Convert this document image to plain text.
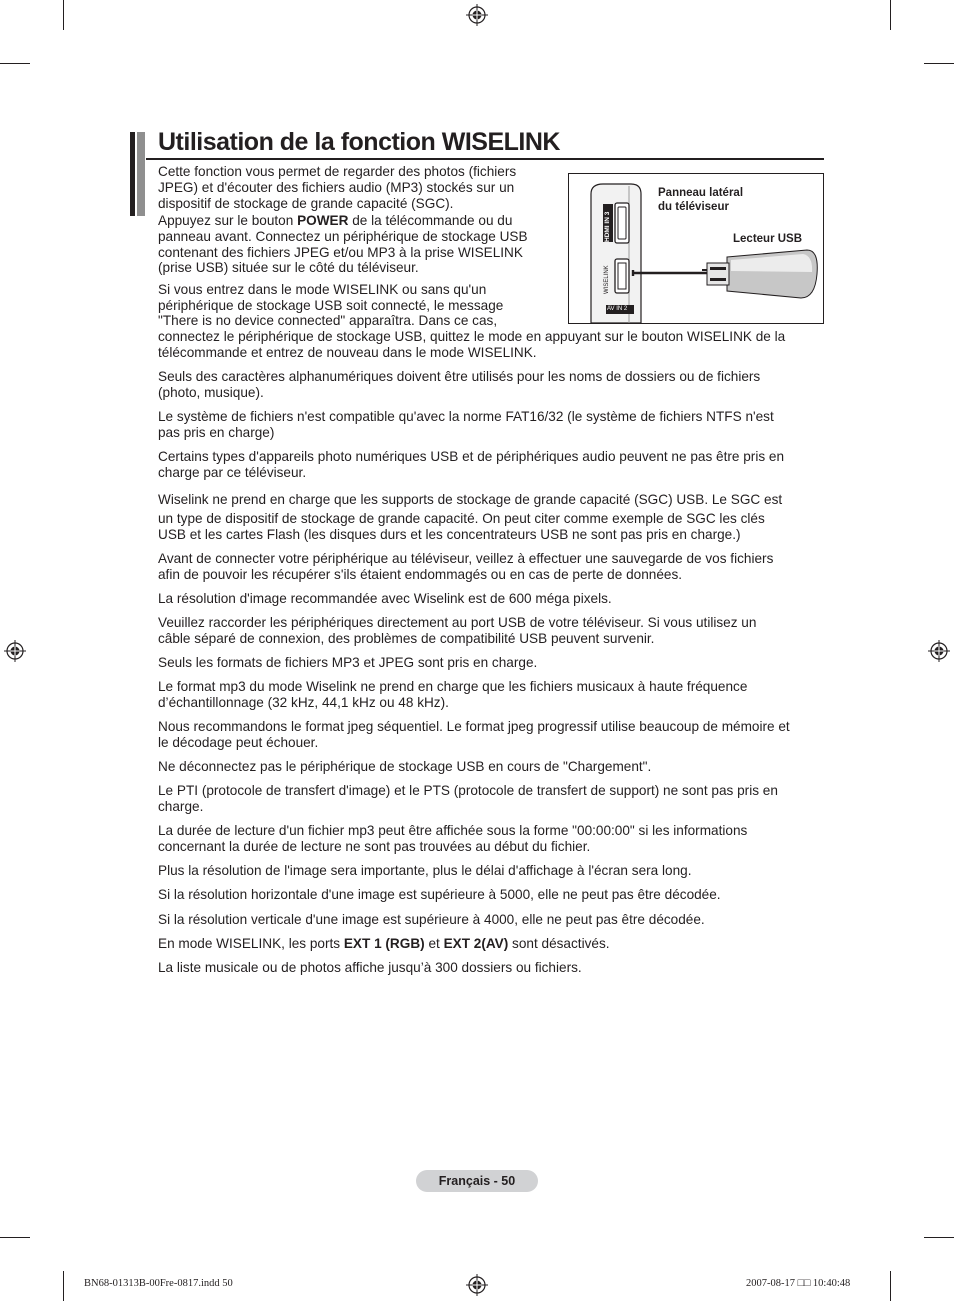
Utilisation de la fonction WISELINK
Cette fonction vous permet de regarder des photos (fichiers
JPEG) et d'écouter des fichiers audio (MP3) stockés sur un
dispositif de stockage de grande capacité (SGC).
Appuyez sur le bouton POWER de la télécommande ou du
panneau avant. Connectez un périphérique de stockage USB
contenant des fichiers JPEG et/ou MP3 à la prise WISELINK
(prise USB) située sur le côté du téléviseur.
HDMI IN 3
WISELINK
AV IN 2
Panneau latéral
du téléviseur
Lecteur USB
Si vous entrez dans le mode WISELINK ou sans qu'un
périphérique de stockage USB soit connecté, le message
"There is no device connected" apparaîtra. Dans ce cas,
connectez le périphérique de stockage USB, quittez le mode en appuyant sur le bouton WISELINK de la
télécommande et entrez de nouveau dans le mode WISELINK.
Seuls des caractères alphanumériques doivent être utilisés pour les noms de dossiers ou de fichiers
(photo, musique).
Le système de fichiers n'est compatible qu'avec la norme FAT16/32 (le système de fichiers NTFS n'est
pas pris en charge)
Certains types d'appareils photo numériques USB et de périphériques audio peuvent ne pas être pris en
charge par ce téléviseur.
Wiselink ne prend en charge que les supports de stockage de grande capacité (SGC) USB. Le SGC est
un type de dispositif de stockage de grande capacité. On peut citer comme exemple de SGC les clés
USB et les cartes Flash (les disques durs et les concentrateurs USB ne sont pas pris en charge.)
Avant de connecter votre périphérique au téléviseur, veillez à effectuer une sauvegarde de vos fichiers
afin de pouvoir les récupérer s'ils étaient endommagés ou en cas de perte de données.
La résolution d'image recommandée avec Wiselink est de 600 méga pixels.
Veuillez raccorder les périphériques directement au port USB de votre téléviseur. Si vous utilisez un
câble séparé de connexion, des problèmes de compatibilité USB peuvent survenir.
Seuls les formats de fichiers MP3 et JPEG sont pris en charge.
Le format mp3 du mode Wiselink ne prend en charge que les fichiers musicaux à haute fréquence
d’échantillonnage (32 kHz, 44,1 kHz ou 48 kHz).
Nous recommandons le format jpeg séquentiel. Le format jpeg progressif utilise beaucoup de mémoire et
le décodage peut échouer.
Ne déconnectez pas le périphérique de stockage USB en cours de "Chargement".
Le PTI (protocole de transfert d'image) et le PTS (protocole de transfert de support) ne sont pas pris en
charge.
La durée de lecture d'un fichier mp3 peut être affichée sous la forme "00:00:00" si les informations
concernant la durée de lecture ne sont pas trouvées au début du fichier.
Plus la résolution de l'image sera importante, plus le délai d'affichage à l'écran sera long.
Si la résolution horizontale d'une image est supérieure à 5000, elle ne peut pas être décodée.
Si la résolution verticale d'une image est supérieure à 4000, elle ne peut pas être décodée.
En mode WISELINK, les ports EXT 1 (RGB) et EXT 2(AV) sont désactivés.
La liste musicale ou de photos affiche jusqu’à 300 dossiers ou fichiers.
Français - 50
BN68-01313B-00Fre-0817.indd 50	2007-08-17 □□ 10:40:48
